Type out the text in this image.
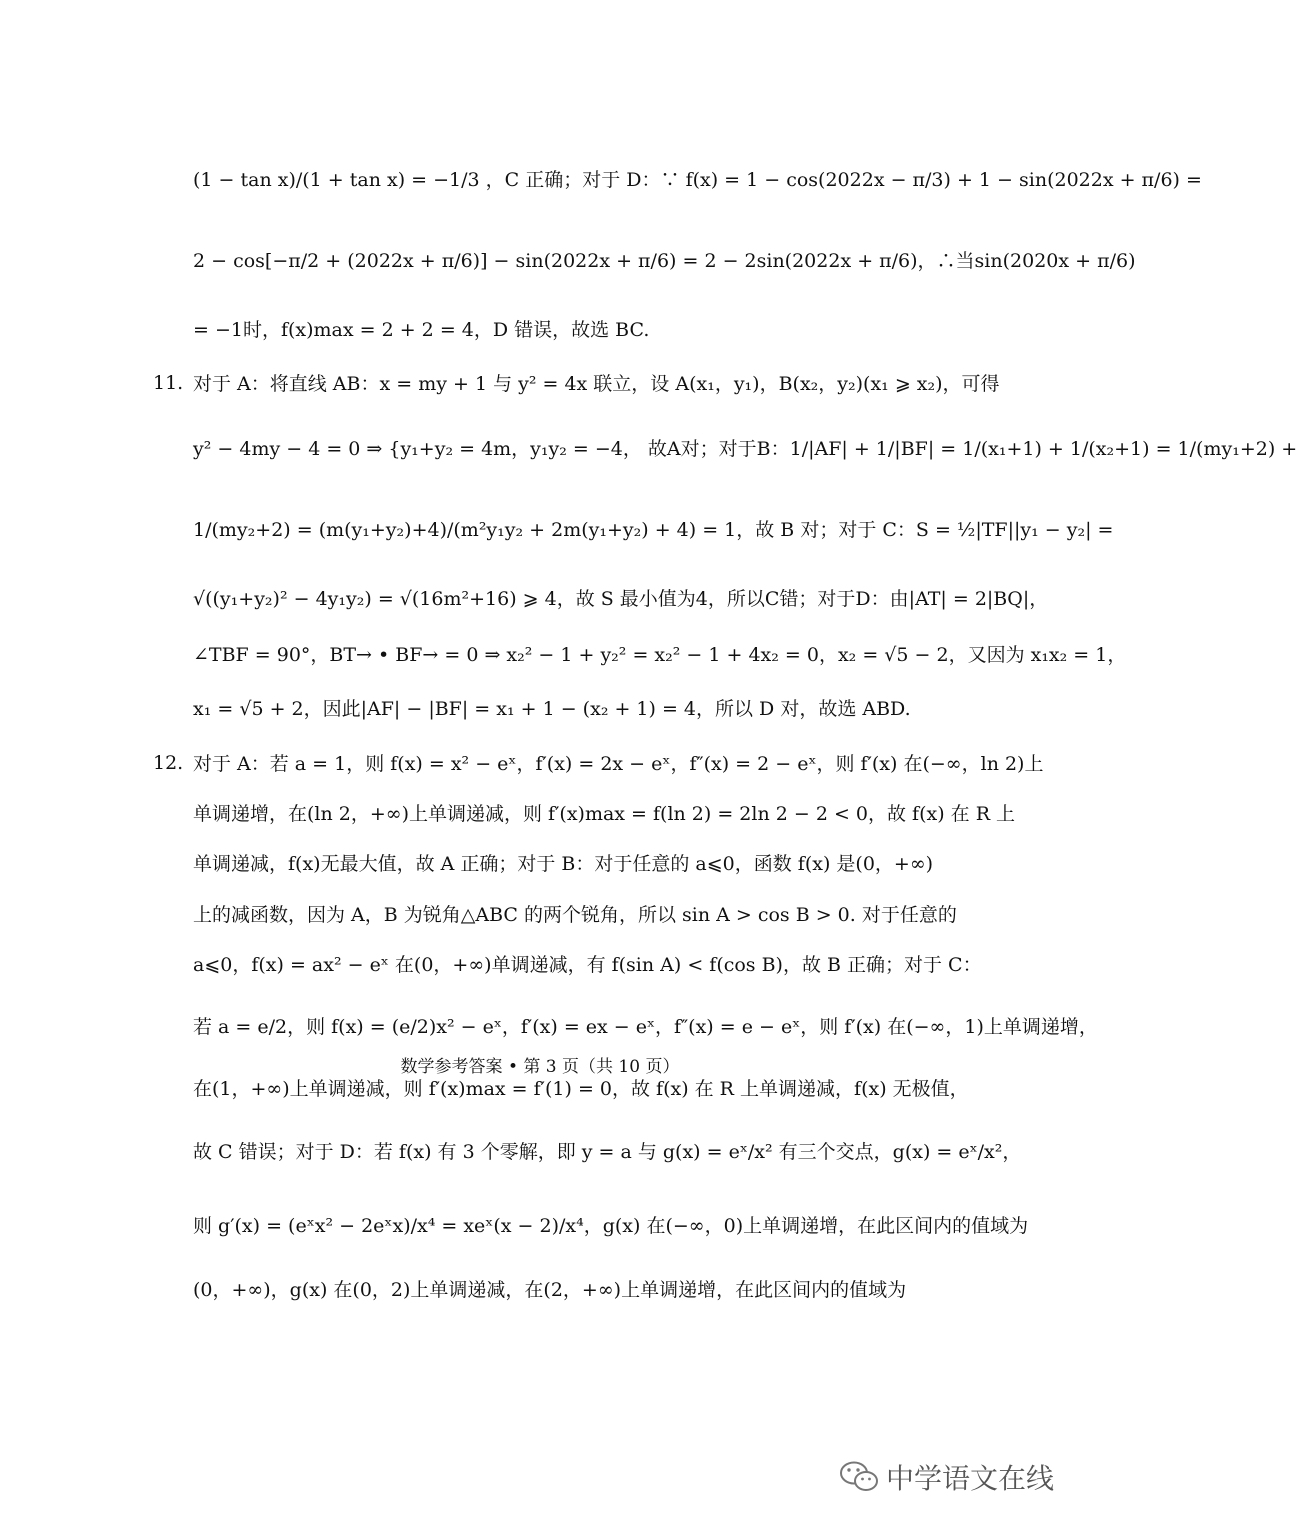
(1 − tan x)/(1 + tan x) = −1/3 ，C 正确；对于 D：∵ f(x) = 1 − cos(2022x − π/3) + 1 − sin(2022x + π/6) =
2 − cos[−π/2 + (2022x + π/6)] − sin(2022x + π/6) = 2 − 2sin(2022x + π/6)，∴当sin(2020x + π/6)
= −1时，f(x)max = 2 + 2 = 4，D 错误，故选 BC.
11. 对于 A：将直线 AB：x = my + 1 与 y² = 4x 联立，设 A(x₁，y₁)，B(x₂，y₂)(x₁ ⩾ x₂)，可得
y² − 4my − 4 = 0 ⇒ {y₁+y₂ = 4m，y₁y₂ = −4， 故A对；对于B：1/|AF| + 1/|BF| = 1/(x₁+1) + 1/(x₂+1) = 1/(my₁+2) +
1/(my₂+2) = (m(y₁+y₂)+4)/(m²y₁y₂ + 2m(y₁+y₂) + 4) = 1，故 B 对；对于 C：S = ½|TF||y₁ − y₂| =
√((y₁+y₂)² − 4y₁y₂) = √(16m²+16) ⩾ 4，故 S 最小值为4，所以C错；对于D：由|AT| = 2|BQ|，
∠TBF = 90°，BT→ • BF→ = 0 ⇒ x₂² − 1 + y₂² = x₂² − 1 + 4x₂ = 0，x₂ = √5 − 2，又因为 x₁x₂ = 1，
x₁ = √5 + 2，因此|AF| − |BF| = x₁ + 1 − (x₂ + 1) = 4，所以 D 对，故选 ABD.
12. 对于 A：若 a = 1，则 f(x) = x² − eˣ，f′(x) = 2x − eˣ，f″(x) = 2 − eˣ，则 f′(x) 在(−∞，ln 2)上
单调递增，在(ln 2，+∞)上单调递减，则 f′(x)max = f(ln 2) = 2ln 2 − 2 < 0，故 f(x) 在 R 上
单调递减，f(x)无最大值，故 A 正确；对于 B：对于任意的 a⩽0，函数 f(x) 是(0，+∞)
上的减函数，因为 A，B 为锐角△ABC 的两个锐角，所以 sin A > cos B > 0. 对于任意的
a⩽0，f(x) = ax² − eˣ 在(0，+∞)单调递减，有 f(sin A) < f(cos B)，故 B 正确；对于 C：
若 a = e/2，则 f(x) = (e/2)x² − eˣ，f′(x) = ex − eˣ，f″(x) = e − eˣ，则 f′(x) 在(−∞，1)上单调递增，
在(1，+∞)上单调递减，则 f′(x)max = f′(1) = 0，故 f(x) 在 R 上单调递减，f(x) 无极值，
故 C 错误；对于 D：若 f(x) 有 3 个零解，即 y = a 与 g(x) = eˣ/x² 有三个交点，g(x) = eˣ/x²，
则 g′(x) = (eˣx² − 2eˣx)/x⁴ = xeˣ(x − 2)/x⁴，g(x) 在(−∞，0)上单调递增，在此区间内的值域为
(0，+∞)，g(x) 在(0，2)上单调递减，在(2，+∞)上单调递增，在此区间内的值域为
数学参考答案 • 第 3 页（共 10 页）
中学语文在线
